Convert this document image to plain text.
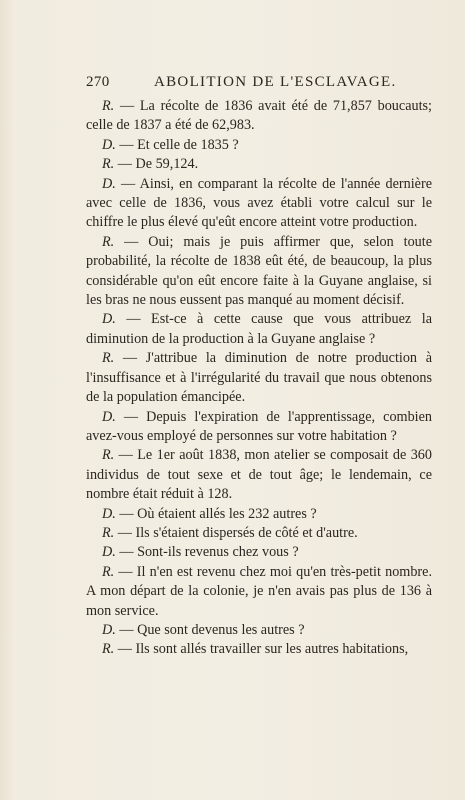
270	ABOLITION DE L'ESCLAVAGE.

R. — La récolte de 1836 avait été de 71,857 boucauts; celle de 1837 a été de 62,983.

D. — Et celle de 1835 ?

R. — De 59,124.

D. — Ainsi, en comparant la récolte de l'année dernière avec celle de 1836, vous avez établi votre calcul sur le chiffre le plus élevé qu'eût encore atteint votre production.

R. — Oui; mais je puis affirmer que, selon toute probabilité, la récolte de 1838 eût été, de beaucoup, la plus considérable qu'on eût encore faite à la Guyane anglaise, si les bras ne nous eussent pas manqué au moment décisif.

D. — Est-ce à cette cause que vous attribuez la diminution de la production à la Guyane anglaise ?

R. — J'attribue la diminution de notre production à l'insuffisance et à l'irrégularité du travail que nous obtenons de la population émancipée.

D. — Depuis l'expiration de l'apprentissage, combien avez-vous employé de personnes sur votre habitation ?

R. — Le 1er août 1838, mon atelier se composait de 360 individus de tout sexe et de tout âge; le lendemain, ce nombre était réduit à 128.

D. — Où étaient allés les 232 autres ?

R. — Ils s'étaient dispersés de côté et d'autre.

D. — Sont-ils revenus chez vous ?

R. — Il n'en est revenu chez moi qu'en très-petit nombre. A mon départ de la colonie, je n'en avais pas plus de 136 à mon service.

D. — Que sont devenus les autres ?

R. — Ils sont allés travailler sur les autres habitations,
